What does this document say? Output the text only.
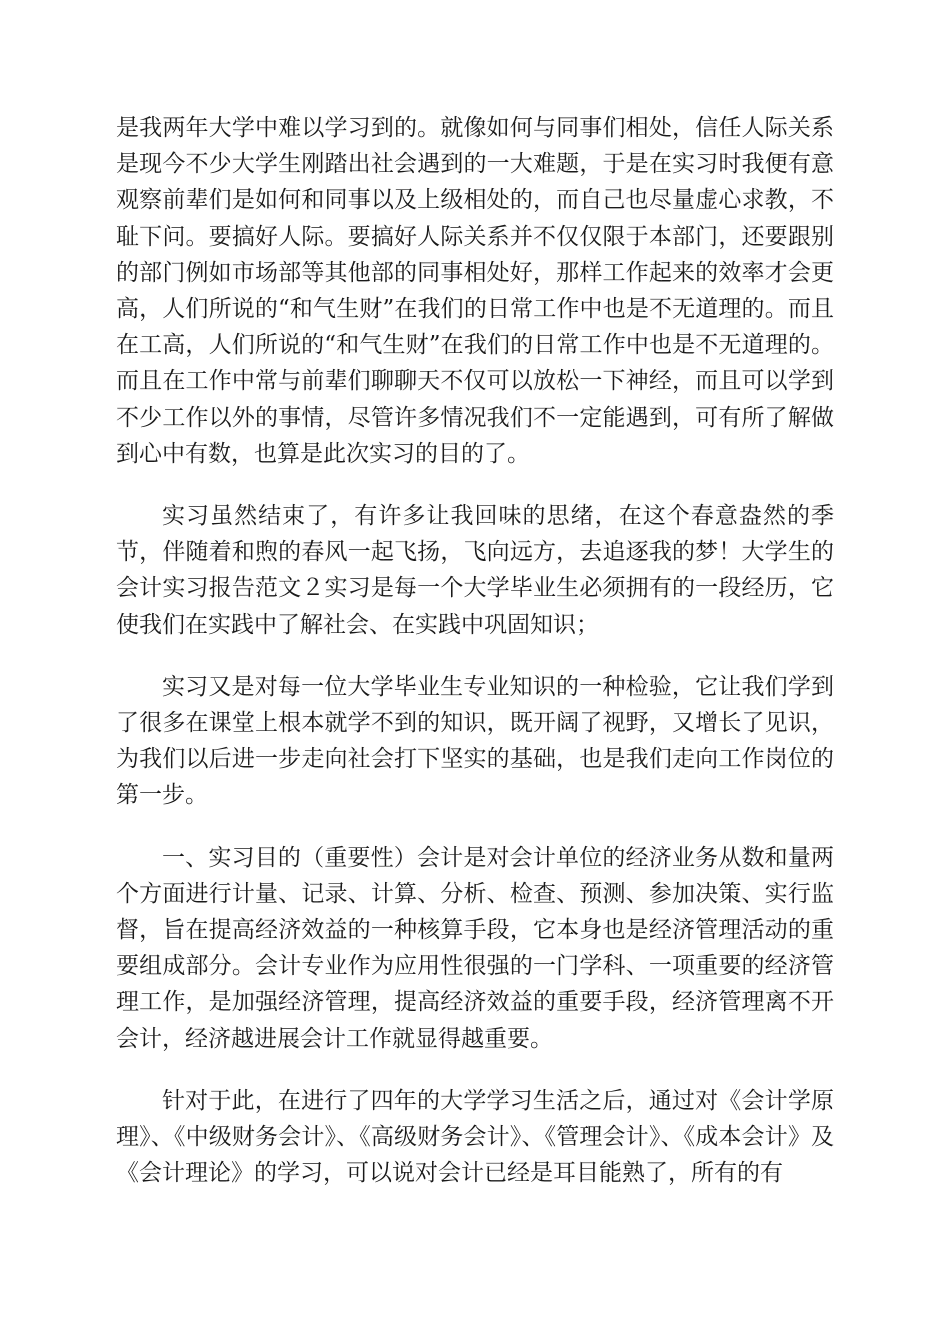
是我两年大学中难以学习到的。就像如何与同事们相处，信任人际关系是现今不少大学生刚踏出社会遇到的一大难题，于是在实习时我便有意观察前辈们是如何和同事以及上级相处的，而自己也尽量虚心求教，不耻下问。要搞好人际。要搞好人际关系并不仅仅限于本部门，还要跟别的部门例如市场部等其他部的同事相处好，那样工作起来的效率才会更高，人们所说的“和气生财”在我们的日常工作中也是不无道理的。而且在工高，人们所说的“和气生财”在我们的日常工作中也是不无道理的。而且在工作中常与前辈们聊聊天不仅可以放松一下神经，而且可以学到不少工作以外的事情，尽管许多情况我们不一定能遇到，可有所了解做到心中有数，也算是此次实习的目的了。

实习虽然结束了，有许多让我回味的思绪，在这个春意盎然的季节，伴随着和煦的春风一起飞扬，飞向远方，去追逐我的梦！大学生的会计实习报告范文２实习是每一个大学毕业生必须拥有的一段经历，它使我们在实践中了解社会、在实践中巩固知识；

实习又是对每一位大学毕业生专业知识的一种检验，它让我们学到了很多在课堂上根本就学不到的知识，既开阔了视野，又增长了见识，为我们以后进一步走向社会打下坚实的基础，也是我们走向工作岗位的第一步。

一、实习目的（重要性）会计是对会计单位的经济业务从数和量两个方面进行计量、记录、计算、分析、检查、预测、参加决策、实行监督，旨在提高经济效益的一种核算手段，它本身也是经济管理活动的重要组成部分。会计专业作为应用性很强的一门学科、一项重要的经济管理工作，是加强经济管理，提高经济效益的重要手段，经济管理离不开会计，经济越进展会计工作就显得越重要。

针对于此，在进行了四年的大学学习生活之后，通过对《会计学原理》、《中级财务会计》、《高级财务会计》、《管理会计》、《成本会计》及《会计理论》的学习，可以说对会计已经是耳目能熟了，所有的有
